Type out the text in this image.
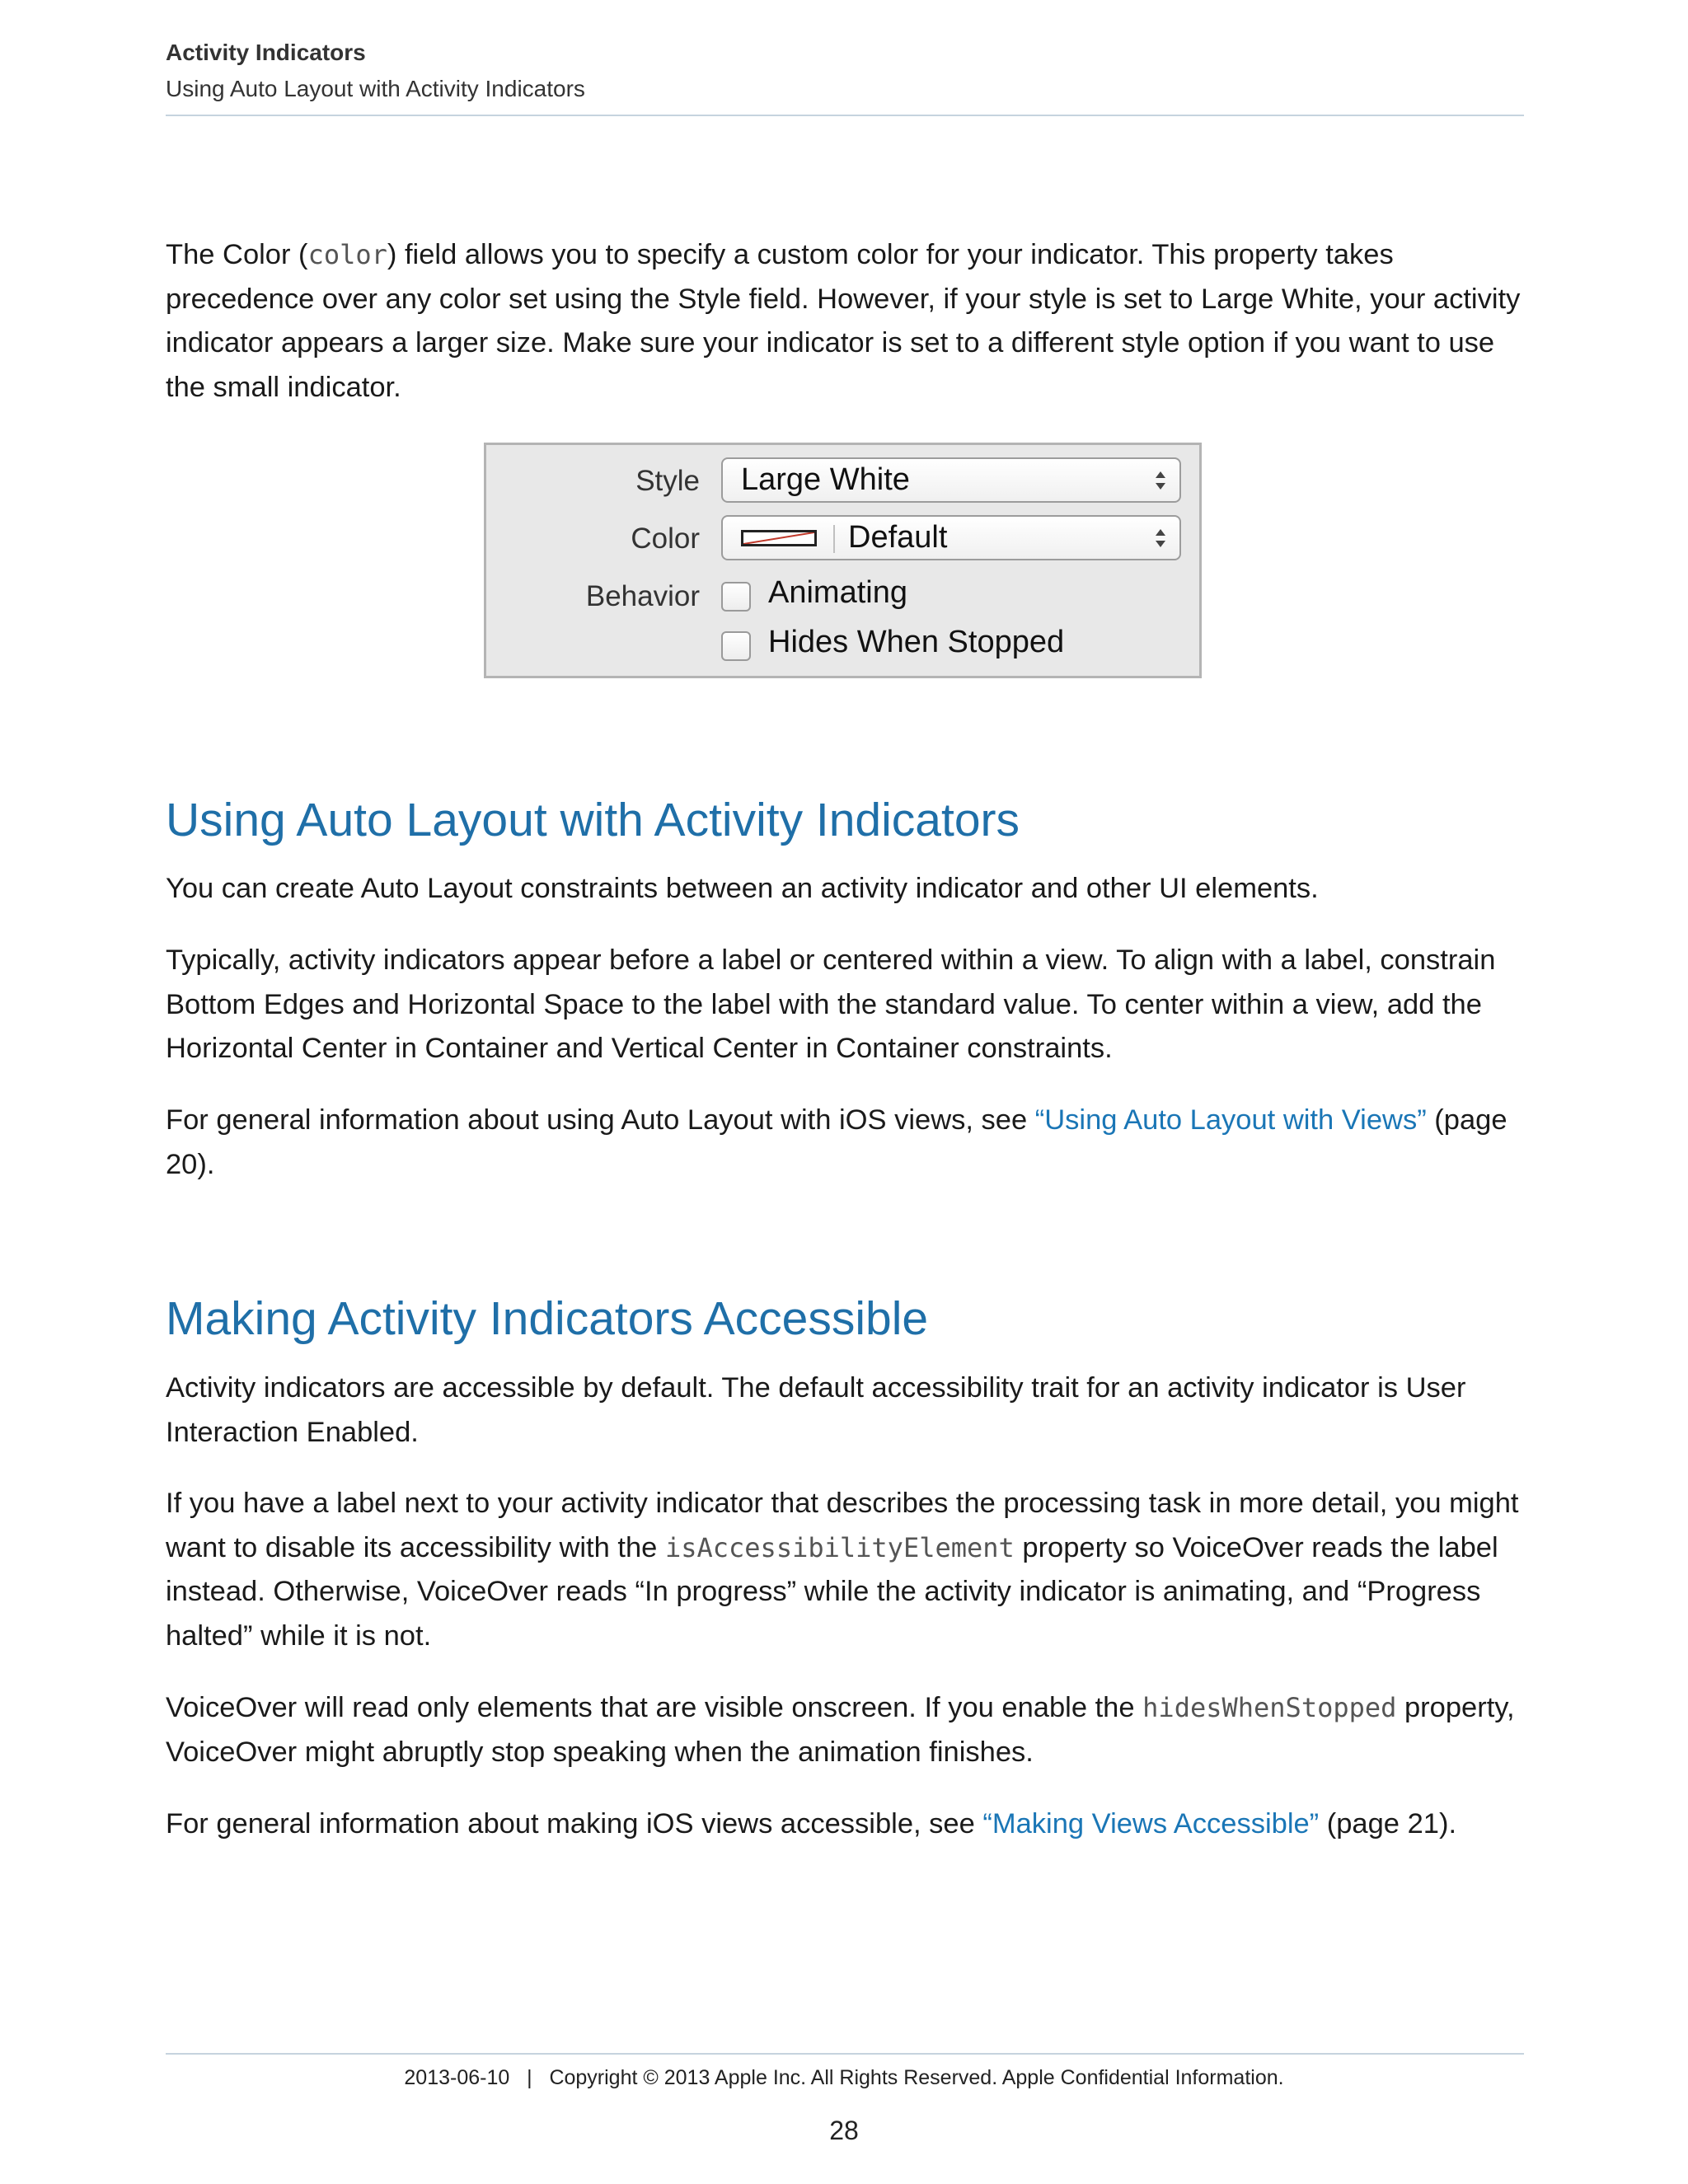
Activity Indicators
Using Auto Layout with Activity Indicators

The Color (color) field allows you to specify a custom color for your indicator. This property takes precedence over any color set using the Style field. However, if your style is set to Large White, your activity indicator appears a larger size. Make sure your indicator is set to a different style option if you want to use the small indicator.

Style Large White
Color	Default
Behavior Animating
Hides When Stopped
Using Auto Layout with Activity Indicators

You can create Auto Layout constraints between an activity indicator and other UI elements.

Typically, activity indicators appear before a label or centered within a view. To align with a label, constrain Bottom Edges and Horizontal Space to the label with the standard value. To center within a view, add the Horizontal Center in Container and Vertical Center in Container constraints.

For general information about using Auto Layout with iOS views, see “Using Auto Layout with Views” (page 20).

Making Activity Indicators Accessible

Activity indicators are accessible by default. The default accessibility trait for an activity indicator is User Interaction Enabled.

If you have a label next to your activity indicator that describes the processing task in more detail, you might want to disable its accessibility with the isAccessibilityElement property so VoiceOver reads the label instead. Otherwise, VoiceOver reads “In progress” while the activity indicator is animating, and “Progress halted” while it is not.

VoiceOver will read only elements that are visible onscreen. If you enable the hidesWhenStopped property, VoiceOver might abruptly stop speaking when the animation finishes.

For general information about making iOS views accessible, see “Making Views Accessible” (page 21).

2013-06-10   |   Copyright © 2013 Apple Inc. All Rights Reserved. Apple Confidential Information.
28
